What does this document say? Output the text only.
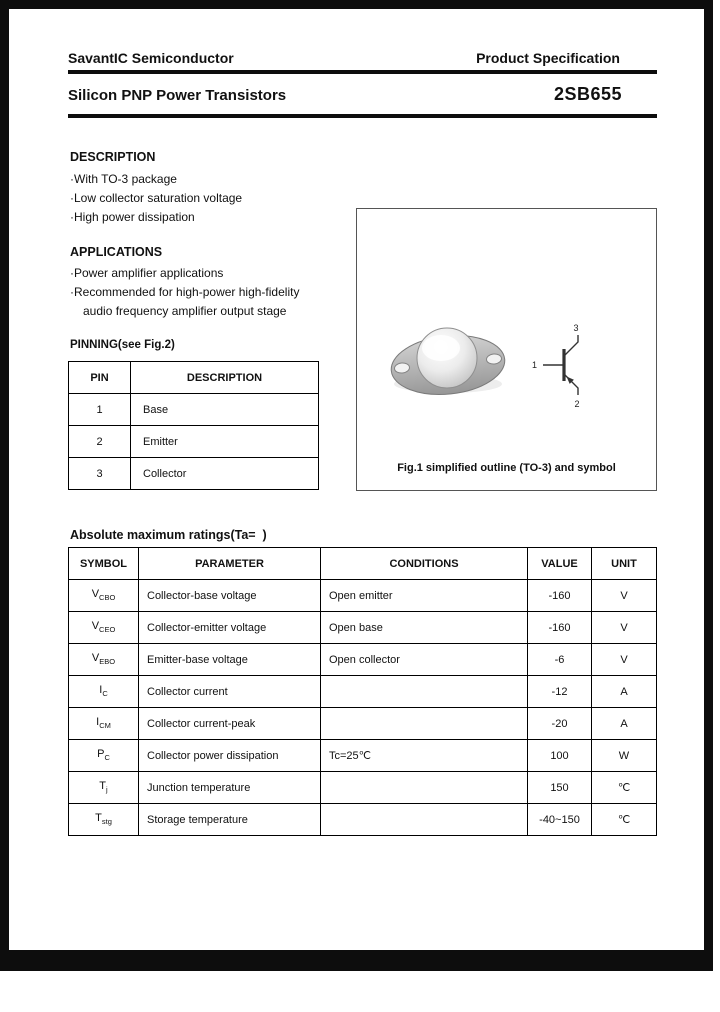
SavantIC Semiconductor	Product Specification
Silicon PNP Power Transistors	2SB655
DESCRIPTION
·With TO-3 package
·Low collector saturation voltage
·High power dissipation
APPLICATIONS
·Power amplifier applications
·Recommended for high-power high-fidelity
audio frequency amplifier output stage
PINNING(see Fig.2)
PIN	DESCRIPTION
1	Base
2	Emitter
3	Collector
1
3
2
Fig.1 simplified outline (TO-3) and symbol
Absolute maximum ratings(Ta=  )
SYMBOL	PARAMETER	CONDITIONS	VALUE	UNIT
$V_{CBO}$	Collector-base voltage	Open emitter	-160	V
$V_{CEO}$	Collector-emitter voltage	Open base	-160	V
$V_{EBO}$	Emitter-base voltage	Open collector	-6	V
$I_C$	Collector current		-12	A
$I_{CM}$	Collector current-peak		-20	A
$P_C$	Collector power dissipation	Tc=25℃	100	W
$T_j$	Junction temperature		150	℃
$T_{stg}$	Storage temperature		-40~150	℃
